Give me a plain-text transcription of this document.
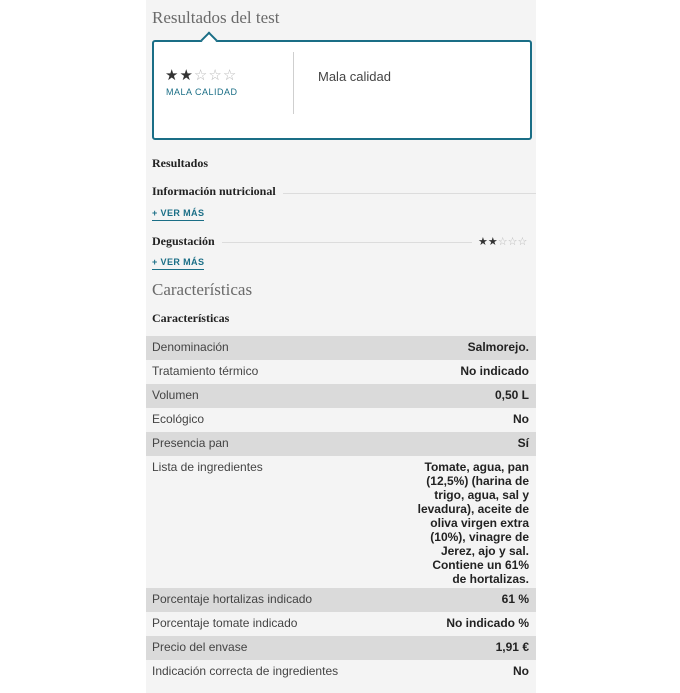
Resultados del test
★★☆☆☆
MALA CALIDAD
Mala calidad
Resultados
Información nutricional
+ VER MÁS
Degustación	★★☆☆☆
+ VER MÁS
Características
Características
Denominación	Salmorejo.
Tratamiento térmico	No indicado
Volumen	0,50 L
Ecológico	No
Presencia pan	Sí
Lista de ingredientes	Tomate, agua, pan (12,5%) (harina de trigo, agua, sal y levadura), aceite de oliva virgen extra (10%), vinagre de Jerez, ajo y sal. Contiene un 61% de hortalizas.
Porcentaje hortalizas indicado	61 %
Porcentaje tomate indicado	No indicado %
Precio del envase	1,91 €
Indicación correcta de ingredientes	No
